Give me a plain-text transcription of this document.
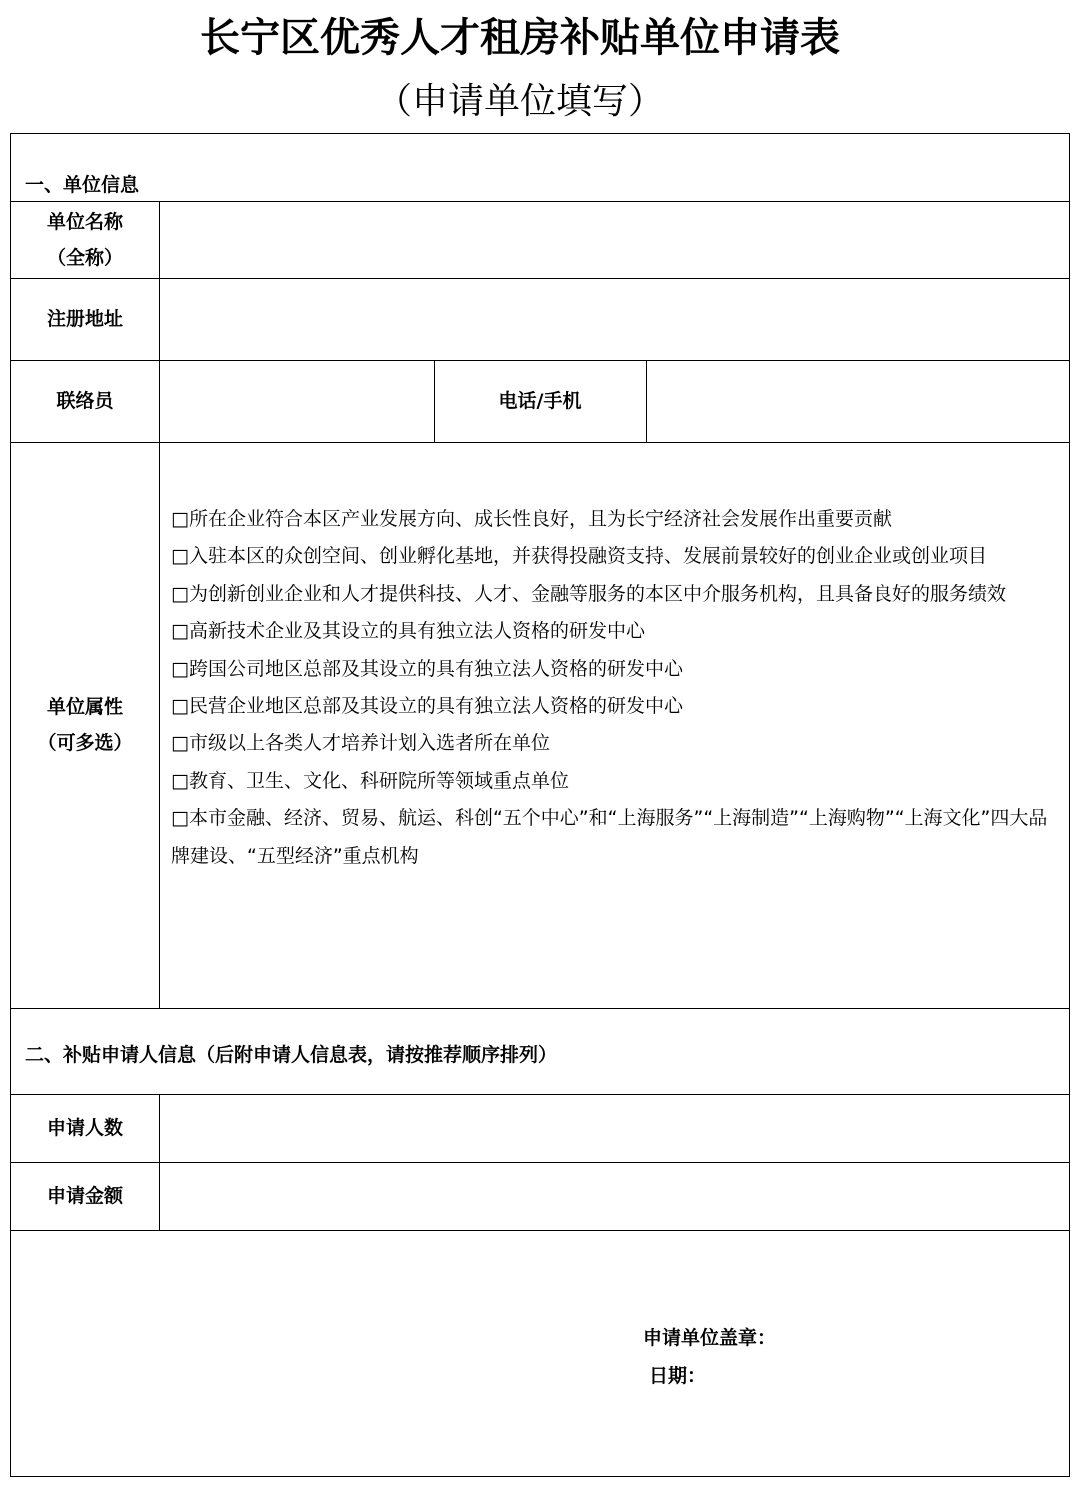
长宁区优秀人才租房补贴单位申请表
（申请单位填写）
一、单位信息
单位名称
（全称）
注册地址
联络员	电话/手机
单位属性
（可多选）
□所在企业符合本区产业发展方向、成长性良好，且为长宁经济社会发展作出重要贡献
□入驻本区的众创空间、创业孵化基地，并获得投融资支持、发展前景较好的创业企业或创业项目
□为创新创业企业和人才提供科技、人才、金融等服务的本区中介服务机构，且具备良好的服务绩效
□高新技术企业及其设立的具有独立法人资格的研发中心
□跨国公司地区总部及其设立的具有独立法人资格的研发中心
□民营企业地区总部及其设立的具有独立法人资格的研发中心
□市级以上各类人才培养计划入选者所在单位
□教育、卫生、文化、科研院所等领域重点单位
□本市金融、经济、贸易、航运、科创“五个中心”和“上海服务”“上海制造”“上海购物”“上海文化”四大品牌建设、“五型经济”重点机构
二、补贴申请人信息（后附申请人信息表，请按推荐顺序排列）
申请人数
申请金额
申请单位盖章：
日期：
